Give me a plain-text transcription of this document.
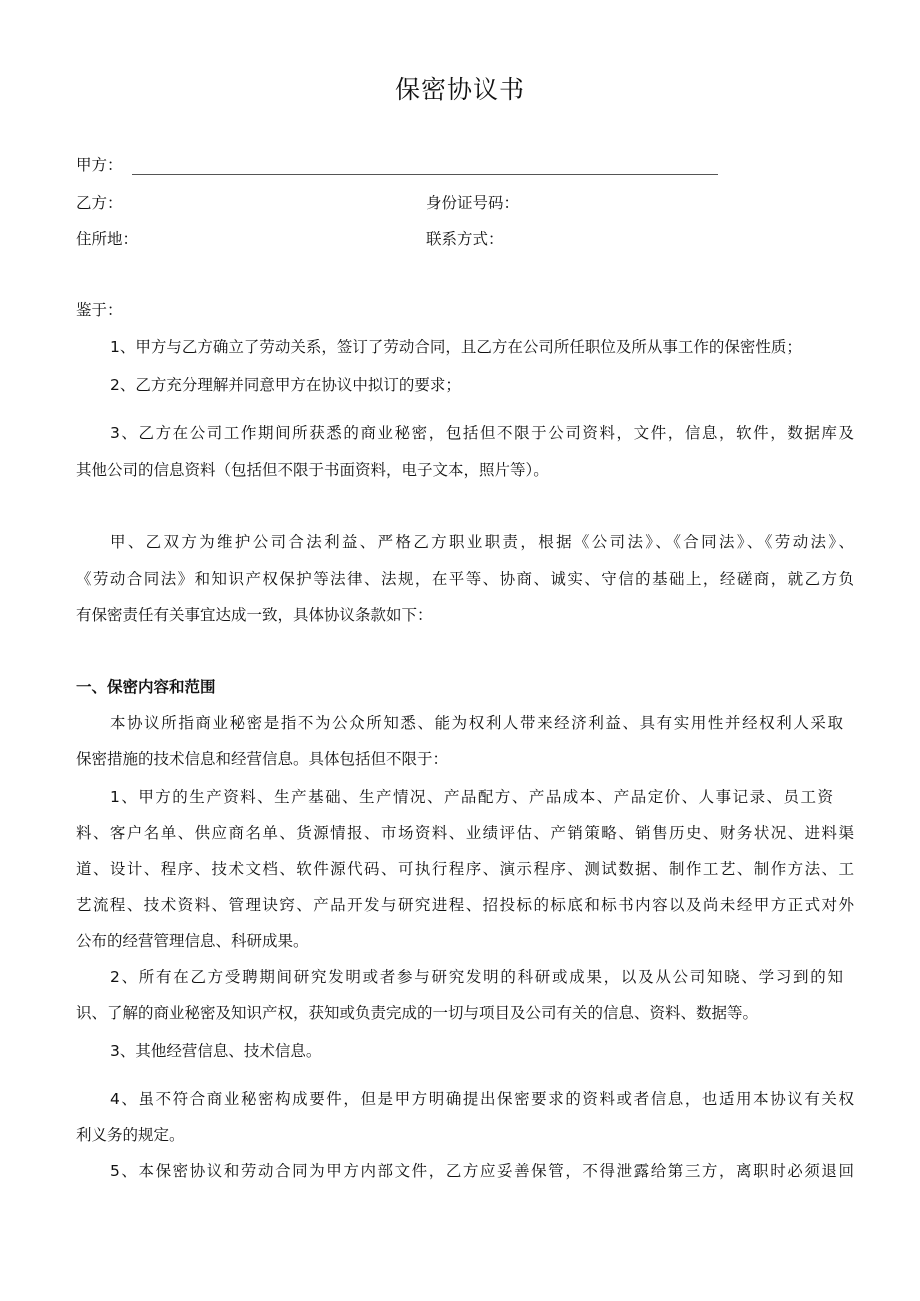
保密协议书
甲方：
乙方：	身份证号码：
住所地：	联系方式：
鉴于：
1、甲方与乙方确立了劳动关系，签订了劳动合同，且乙方在公司所任职位及所从事工作的保密性质；
2、乙方充分理解并同意甲方在协议中拟订的要求；
3、乙方在公司工作期间所获悉的商业秘密，包括但不限于公司资料，文件，信息，软件，数据库及
其他公司的信息资料（包括但不限于书面资料，电子文本，照片等）。
甲、乙双方为维护公司合法利益、严格乙方职业职责，根据《公司法》、《合同法》、《劳动法》、
《劳动合同法》和知识产权保护等法律、法规，在平等、协商、诚实、守信的基础上，经磋商，就乙方负
有保密责任有关事宜达成一致，具体协议条款如下：
一、保密内容和范围
本协议所指商业秘密是指不为公众所知悉、能为权利人带来经济利益、具有实用性并经权利人采取
保密措施的技术信息和经营信息。具体包括但不限于：
1、甲方的生产资料、生产基础、生产情况、产品配方、产品成本、产品定价、人事记录、员工资
料、客户名单、供应商名单、货源情报、市场资料、业绩评估、产销策略、销售历史、财务状况、进料渠
道、设计、程序、技术文档、软件源代码、可执行程序、演示程序、测试数据、制作工艺、制作方法、工
艺流程、技术资料、管理诀窍、产品开发与研究进程、招投标的标底和标书内容以及尚未经甲方正式对外
公布的经营管理信息、科研成果。
2、所有在乙方受聘期间研究发明或者参与研究发明的科研或成果，以及从公司知晓、学习到的知
识、了解的商业秘密及知识产权，获知或负责完成的一切与项目及公司有关的信息、资料、数据等。
3、其他经营信息、技术信息。
4、虽不符合商业秘密构成要件，但是甲方明确提出保密要求的资料或者信息，也适用本协议有关权
利义务的规定。
5、本保密协议和劳动合同为甲方内部文件，乙方应妥善保管，不得泄露给第三方，离职时必须退回
